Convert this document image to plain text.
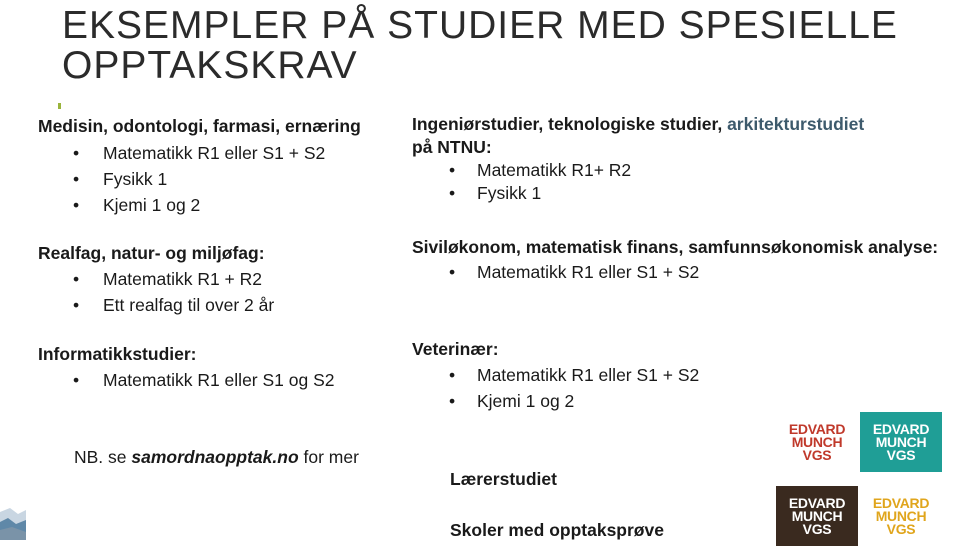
EKSEMPLER PÅ STUDIER MED SPESIELLE OPPTAKSKRAV
Medisin, odontologi, farmasi, ernæring
• Matematikk R1 eller S1 + S2
• Fysikk 1
• Kjemi 1 og 2
Ingeniørstudier, teknologiske studier, arkitekturstudiet
på NTNU:
• Matematikk R1+ R2
• Fysikk 1
Realfag, natur- og miljøfag:
• Matematikk R1 + R2
• Ett realfag til over 2 år
Siviløkonom, matematisk finans, samfunnsøkonomisk analyse:
• Matematikk R1 eller S1 + S2
Informatikkstudier:
• Matematikk R1 eller S1 og S2
Veterinær:
• Matematikk R1 eller S1 + S2
• Kjemi 1 og 2
NB. se samordnaopptak.no for mer
Lærerstudiet
Skoler med opptaksprøve
EDVARD
MUNCH
VGS
EDVARD
MUNCH
VGS
EDVARD
MUNCH
VGS
EDVARD
MUNCH
VGS
